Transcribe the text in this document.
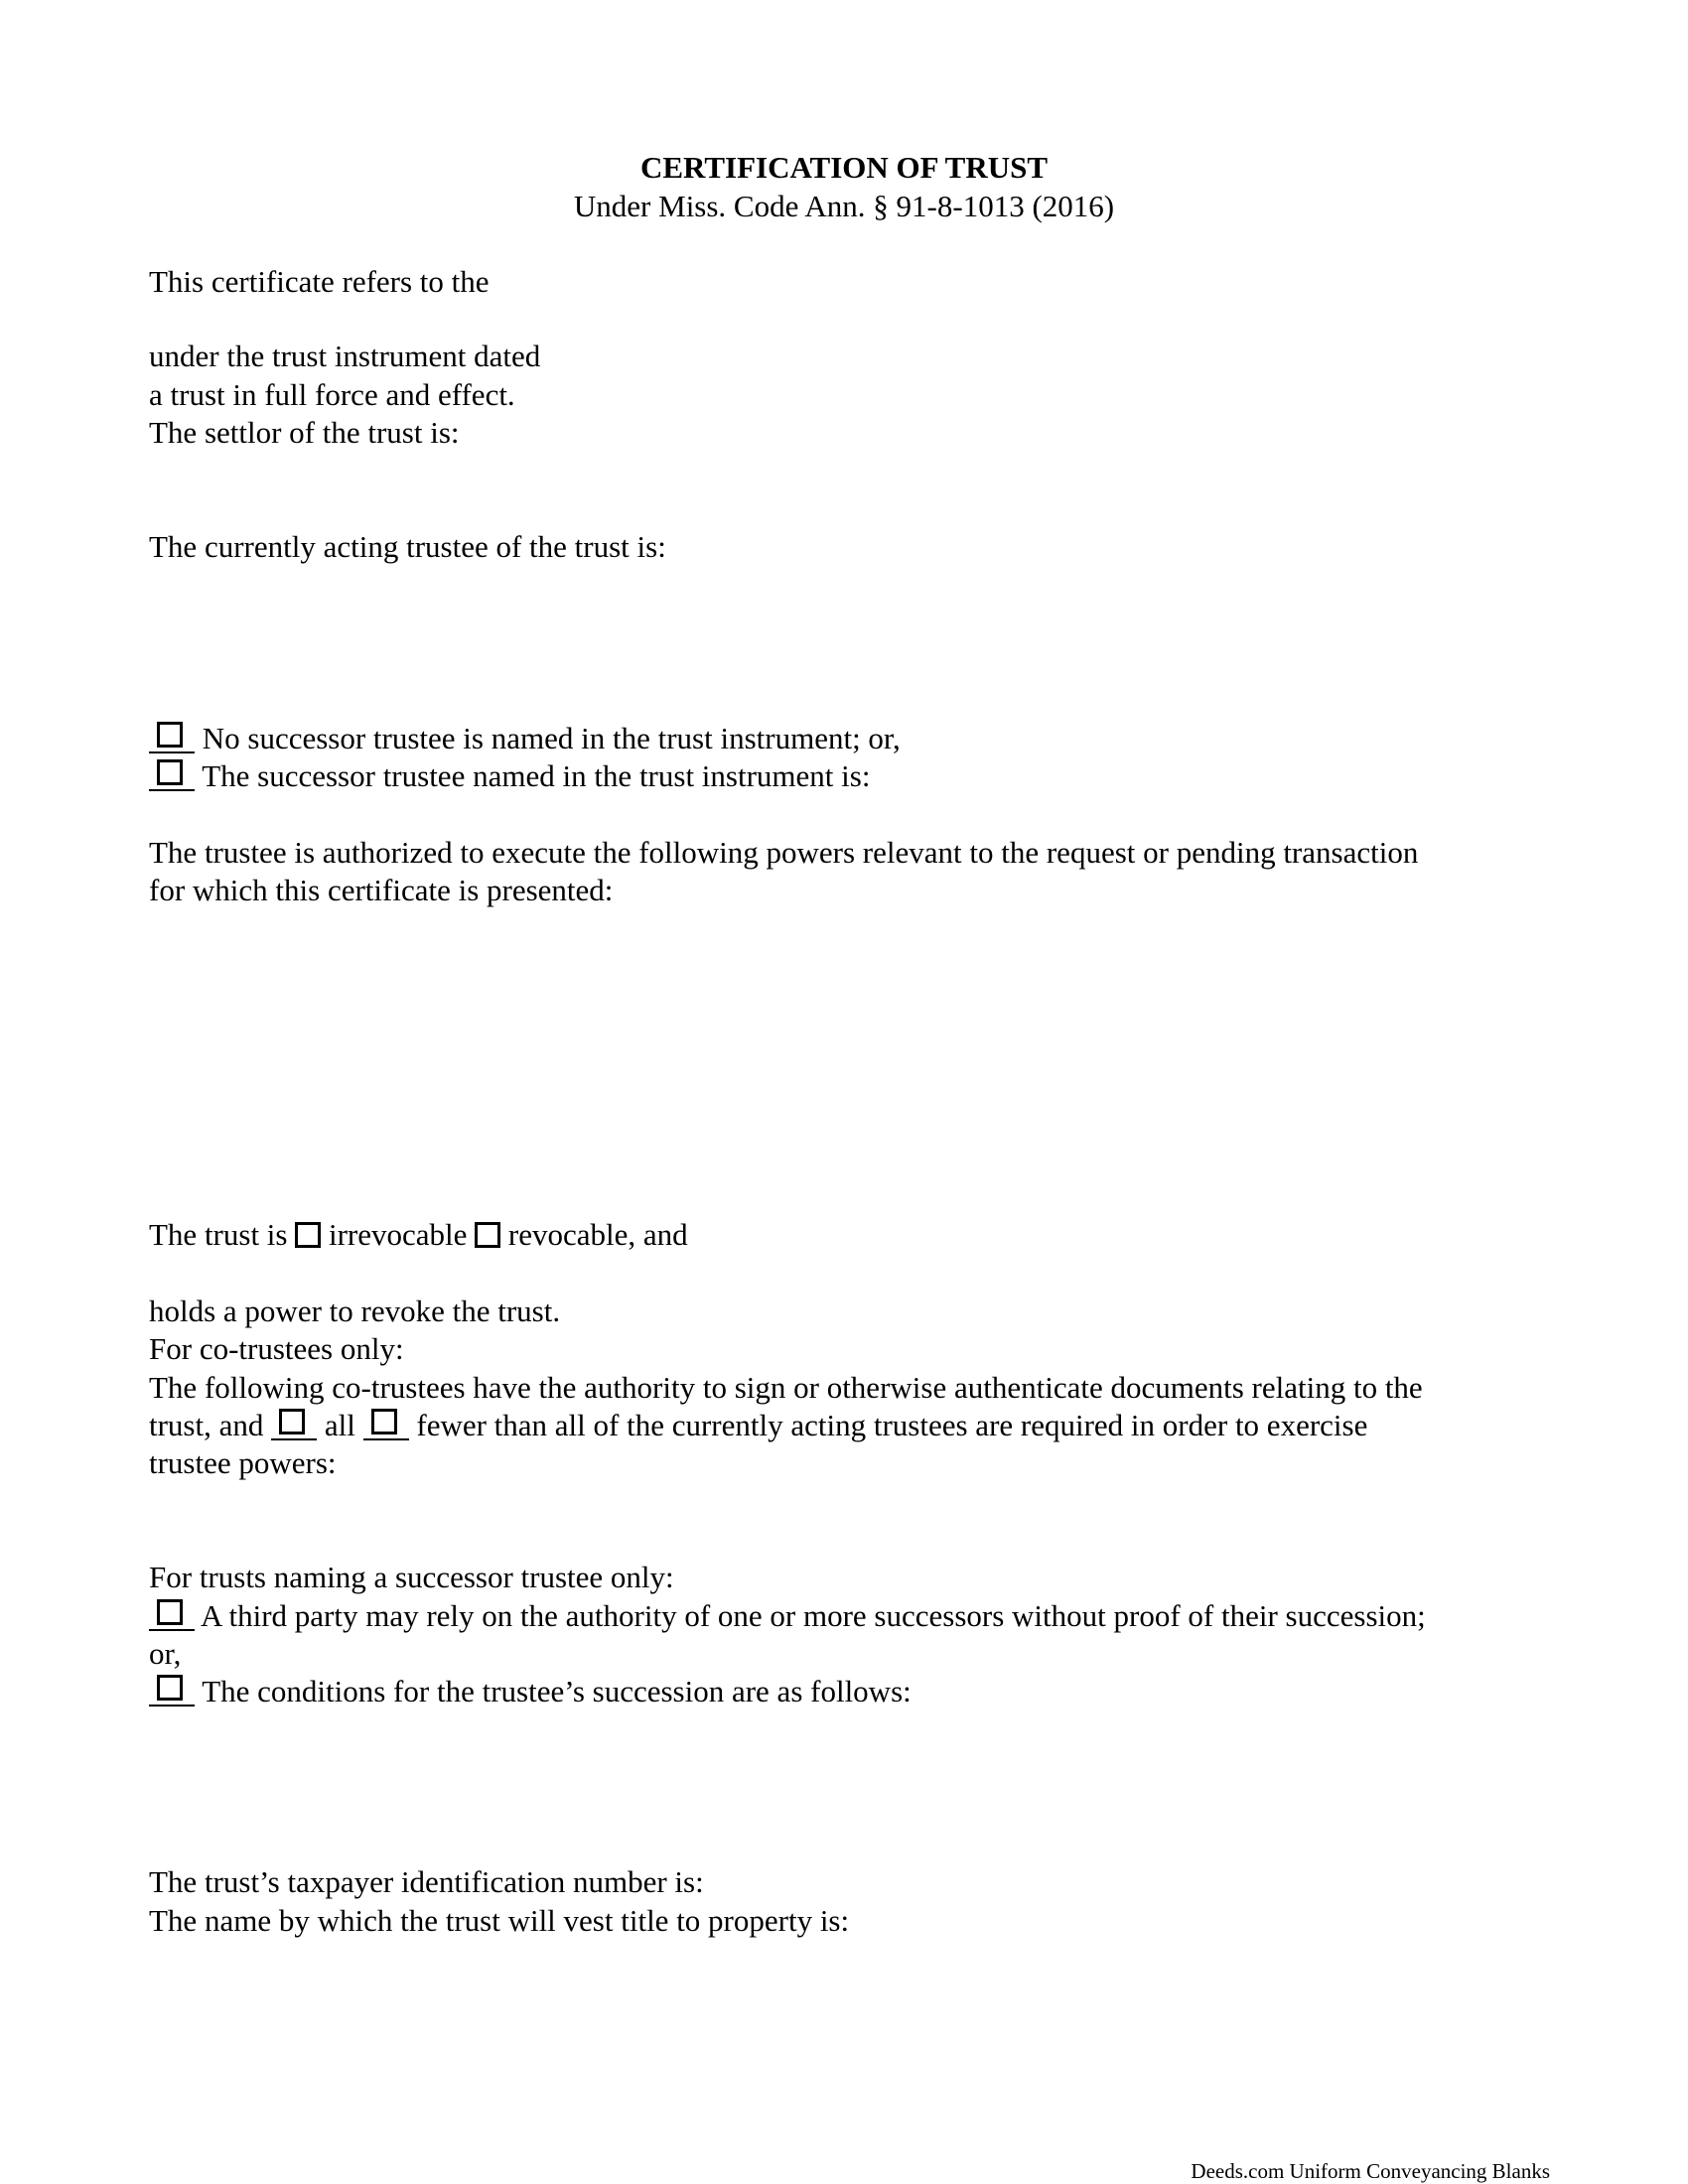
CERTIFICATION OF TRUST
Under Miss. Code Ann. § 91-8-1013 (2016)
This certificate refers to the
under the trust instrument dated
a trust in full force and effect.
The settlor of the trust is:
The currently acting trustee of the trust is:
No successor trustee is named in the trust instrument; or,
The successor trustee named in the trust instrument is:
The trustee is authorized to execute the following powers relevant to the request or pending transaction
for which this certificate is presented:
The trust is irrevocable revocable, and
holds a power to revoke the trust.
For co-trustees only:
The following co-trustees have the authority to sign or otherwise authenticate documents relating to the
trust, and all fewer than all of the currently acting trustees are required in order to exercise
trustee powers:
For trusts naming a successor trustee only:
A third party may rely on the authority of one or more successors without proof of their succession;
or,
The conditions for the trustee’s succession are as follows:
The trust’s taxpayer identification number is:
The name by which the trust will vest title to property is:
Deeds.com Uniform Conveyancing Blanks
